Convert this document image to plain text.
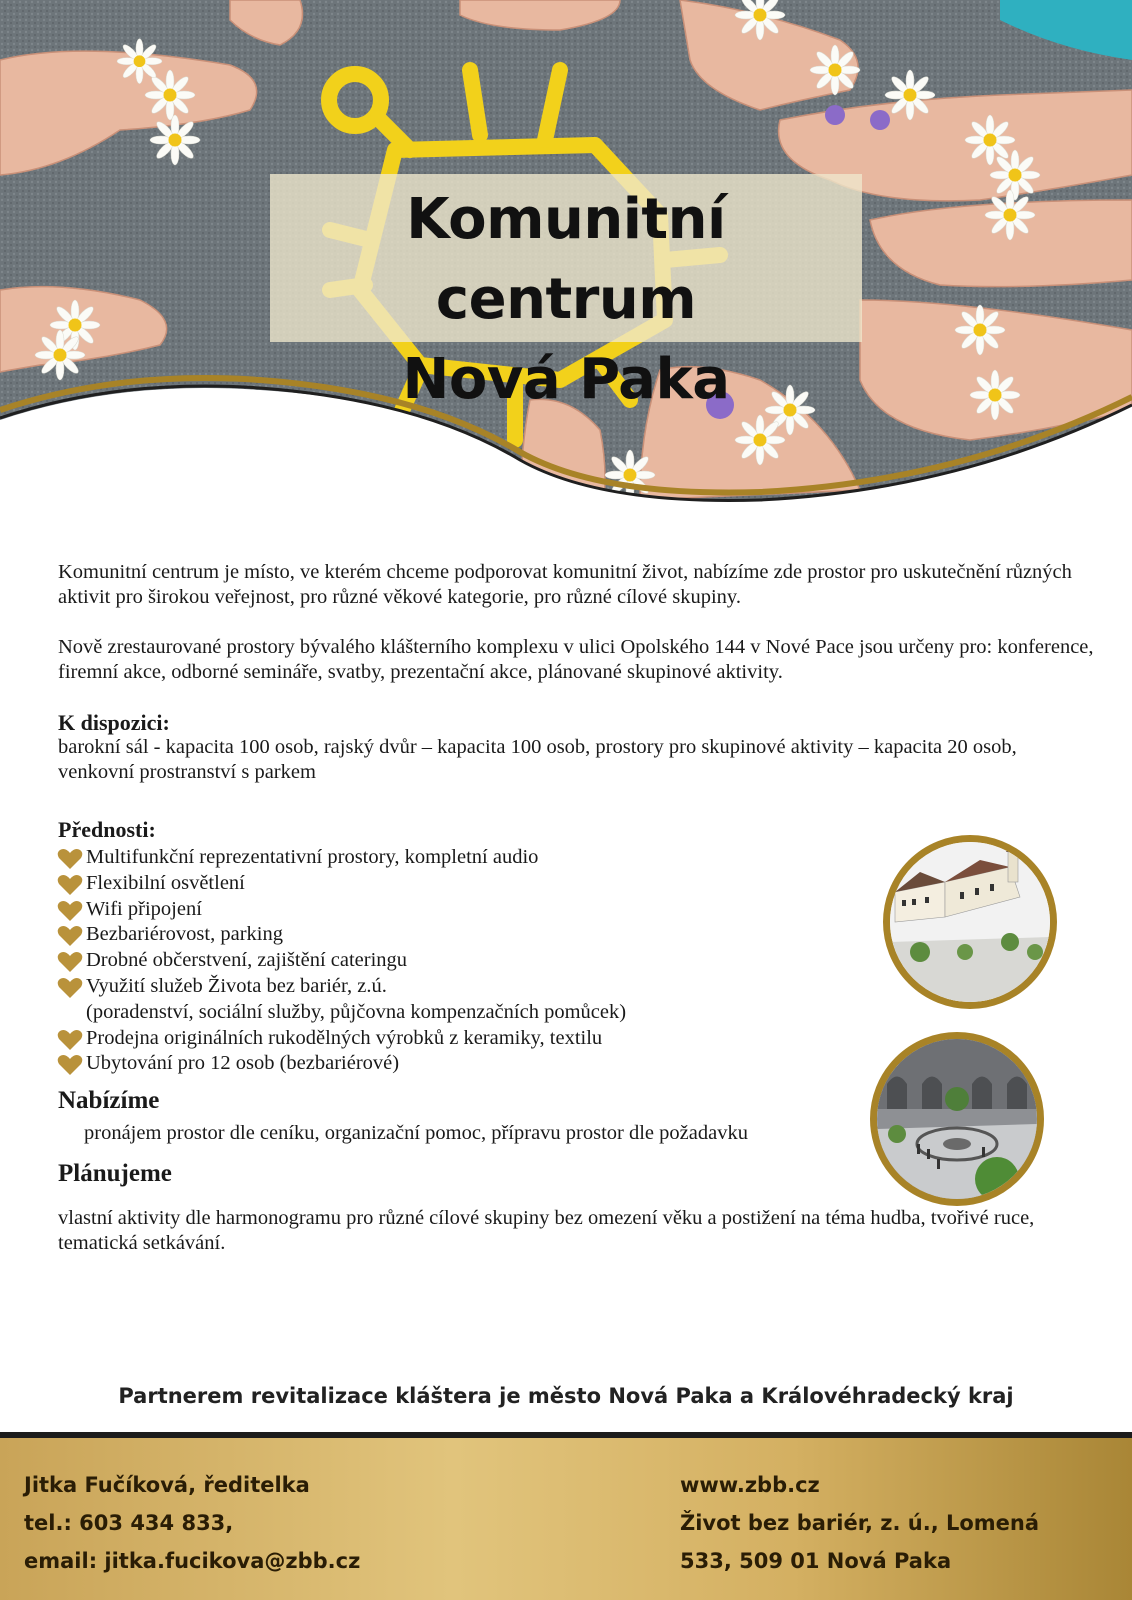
Komunitní centrum
Nová Paka

Komunitní centrum je místo, ve kterém chceme podporovat komunitní život, nabízíme zde prostor pro uskutečnění různých aktivit pro širokou veřejnost, pro různé věkové kategorie, pro různé cílové skupiny.

Nově zrestaurované prostory bývalého klášterního komplexu v ulici Opolského 144 v Nové Pace jsou určeny pro: konference, firemní akce, odborné semináře, svatby, prezentační akce, plánované skupinové aktivity.

K dispozici:

barokní sál - kapacita 100 osob, rajský dvůr – kapacita 100 osob, prostory pro skupinové aktivity – kapacita 20 osob, venkovní prostranství s parkem

Přednosti:

Multifunkční reprezentativní prostory, kompletní audio
Flexibilní osvětlení
Wifi připojení
Bezbariérovost, parking
Drobné občerstvení, zajištění cateringu
Využití služeb Života bez bariér, z.ú.
(poradenství, sociální služby, půjčovna kompenzačních pomůcek)
Prodejna originálních rukodělných výrobků z keramiky, textilu
Ubytování pro 12 osob (bezbariérové)

Nabízíme

pronájem prostor dle ceníku, organizační pomoc, přípravu prostor dle požadavku

Plánujeme

vlastní aktivity dle harmonogramu pro různé cílové skupiny bez omezení věku a postižení na téma hudba, tvořivé ruce, tematická setkávání.

Partnerem revitalizace kláštera je město Nová Paka a Královéhradecký kraj
Jitka Fučíková, ředitelka
tel.: 603 434 833,
email: jitka.fucikova@zbb.cz
www.zbb.cz
Život bez bariér, z. ú., Lomená
533, 509 01 Nová Paka
